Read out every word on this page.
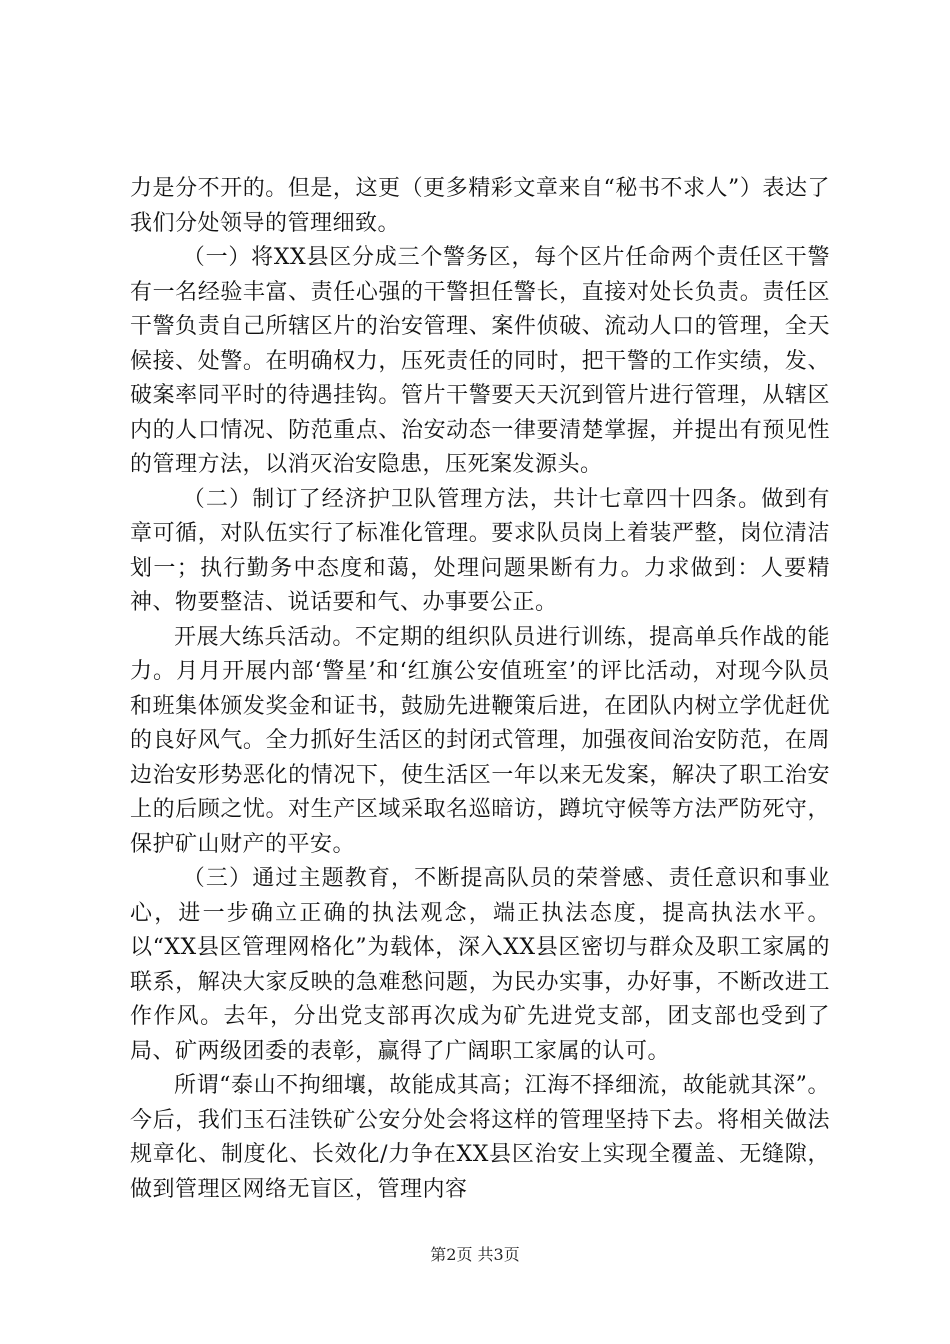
力是分不开的。但是，这更（更多精彩文章来自“秘书不求人”）表达了我们分处领导的管理细致。

（一）将XX县区分成三个警务区，每个区片任命两个责任区干警有一名经验丰富、责任心强的干警担任警长，直接对处长负责。责任区干警负责自己所辖区片的治安管理、案件侦破、流动人口的管理，全天候接、处警。在明确权力，压死责任的同时，把干警的工作实绩，发、破案率同平时的待遇挂钩。管片干警要天天沉到管片进行管理，从辖区内的人口情况、防范重点、治安动态一律要清楚掌握，并提出有预见性的管理方法，以消灭治安隐患，压死案发源头。

（二）制订了经济护卫队管理方法，共计七章四十四条。做到有章可循，对队伍实行了标准化管理。要求队员岗上着装严整，岗位清洁划一；执行勤务中态度和蔼，处理问题果断有力。力求做到：人要精神、物要整洁、说话要和气、办事要公正。

开展大练兵活动。不定期的组织队员进行训练，提高单兵作战的能力。月月开展内部‘警星’和‘红旗公安值班室’的评比活动，对现今队员和班集体颁发奖金和证书，鼓励先进鞭策后进，在团队内树立学优赶优的良好风气。全力抓好生活区的封闭式管理，加强夜间治安防范，在周边治安形势恶化的情况下，使生活区一年以来无发案，解决了职工治安上的后顾之忧。对生产区域采取名巡暗访，蹲坑守候等方法严防死守，保护矿山财产的平安。

（三）通过主题教育，不断提高队员的荣誉感、责任意识和事业心，进一步确立正确的执法观念，端正执法态度，提高执法水平。以“XX县区管理网格化”为载体，深入XX县区密切与群众及职工家属的联系，解决大家反映的急难愁问题，为民办实事，办好事，不断改进工作作风。去年，分出党支部再次成为矿先进党支部，团支部也受到了局、矿两级团委的表彰，赢得了广阔职工家属的认可。

所谓“泰山不拘细壤，故能成其高；江海不择细流，故能就其深”。今后，我们玉石洼铁矿公安分处会将这样的管理坚持下去。将相关做法规章化、制度化、长效化/力争在XX县区治安上实现全覆盖、无缝隙，做到管理区网络无盲区，管理内容

第2页 共3页
